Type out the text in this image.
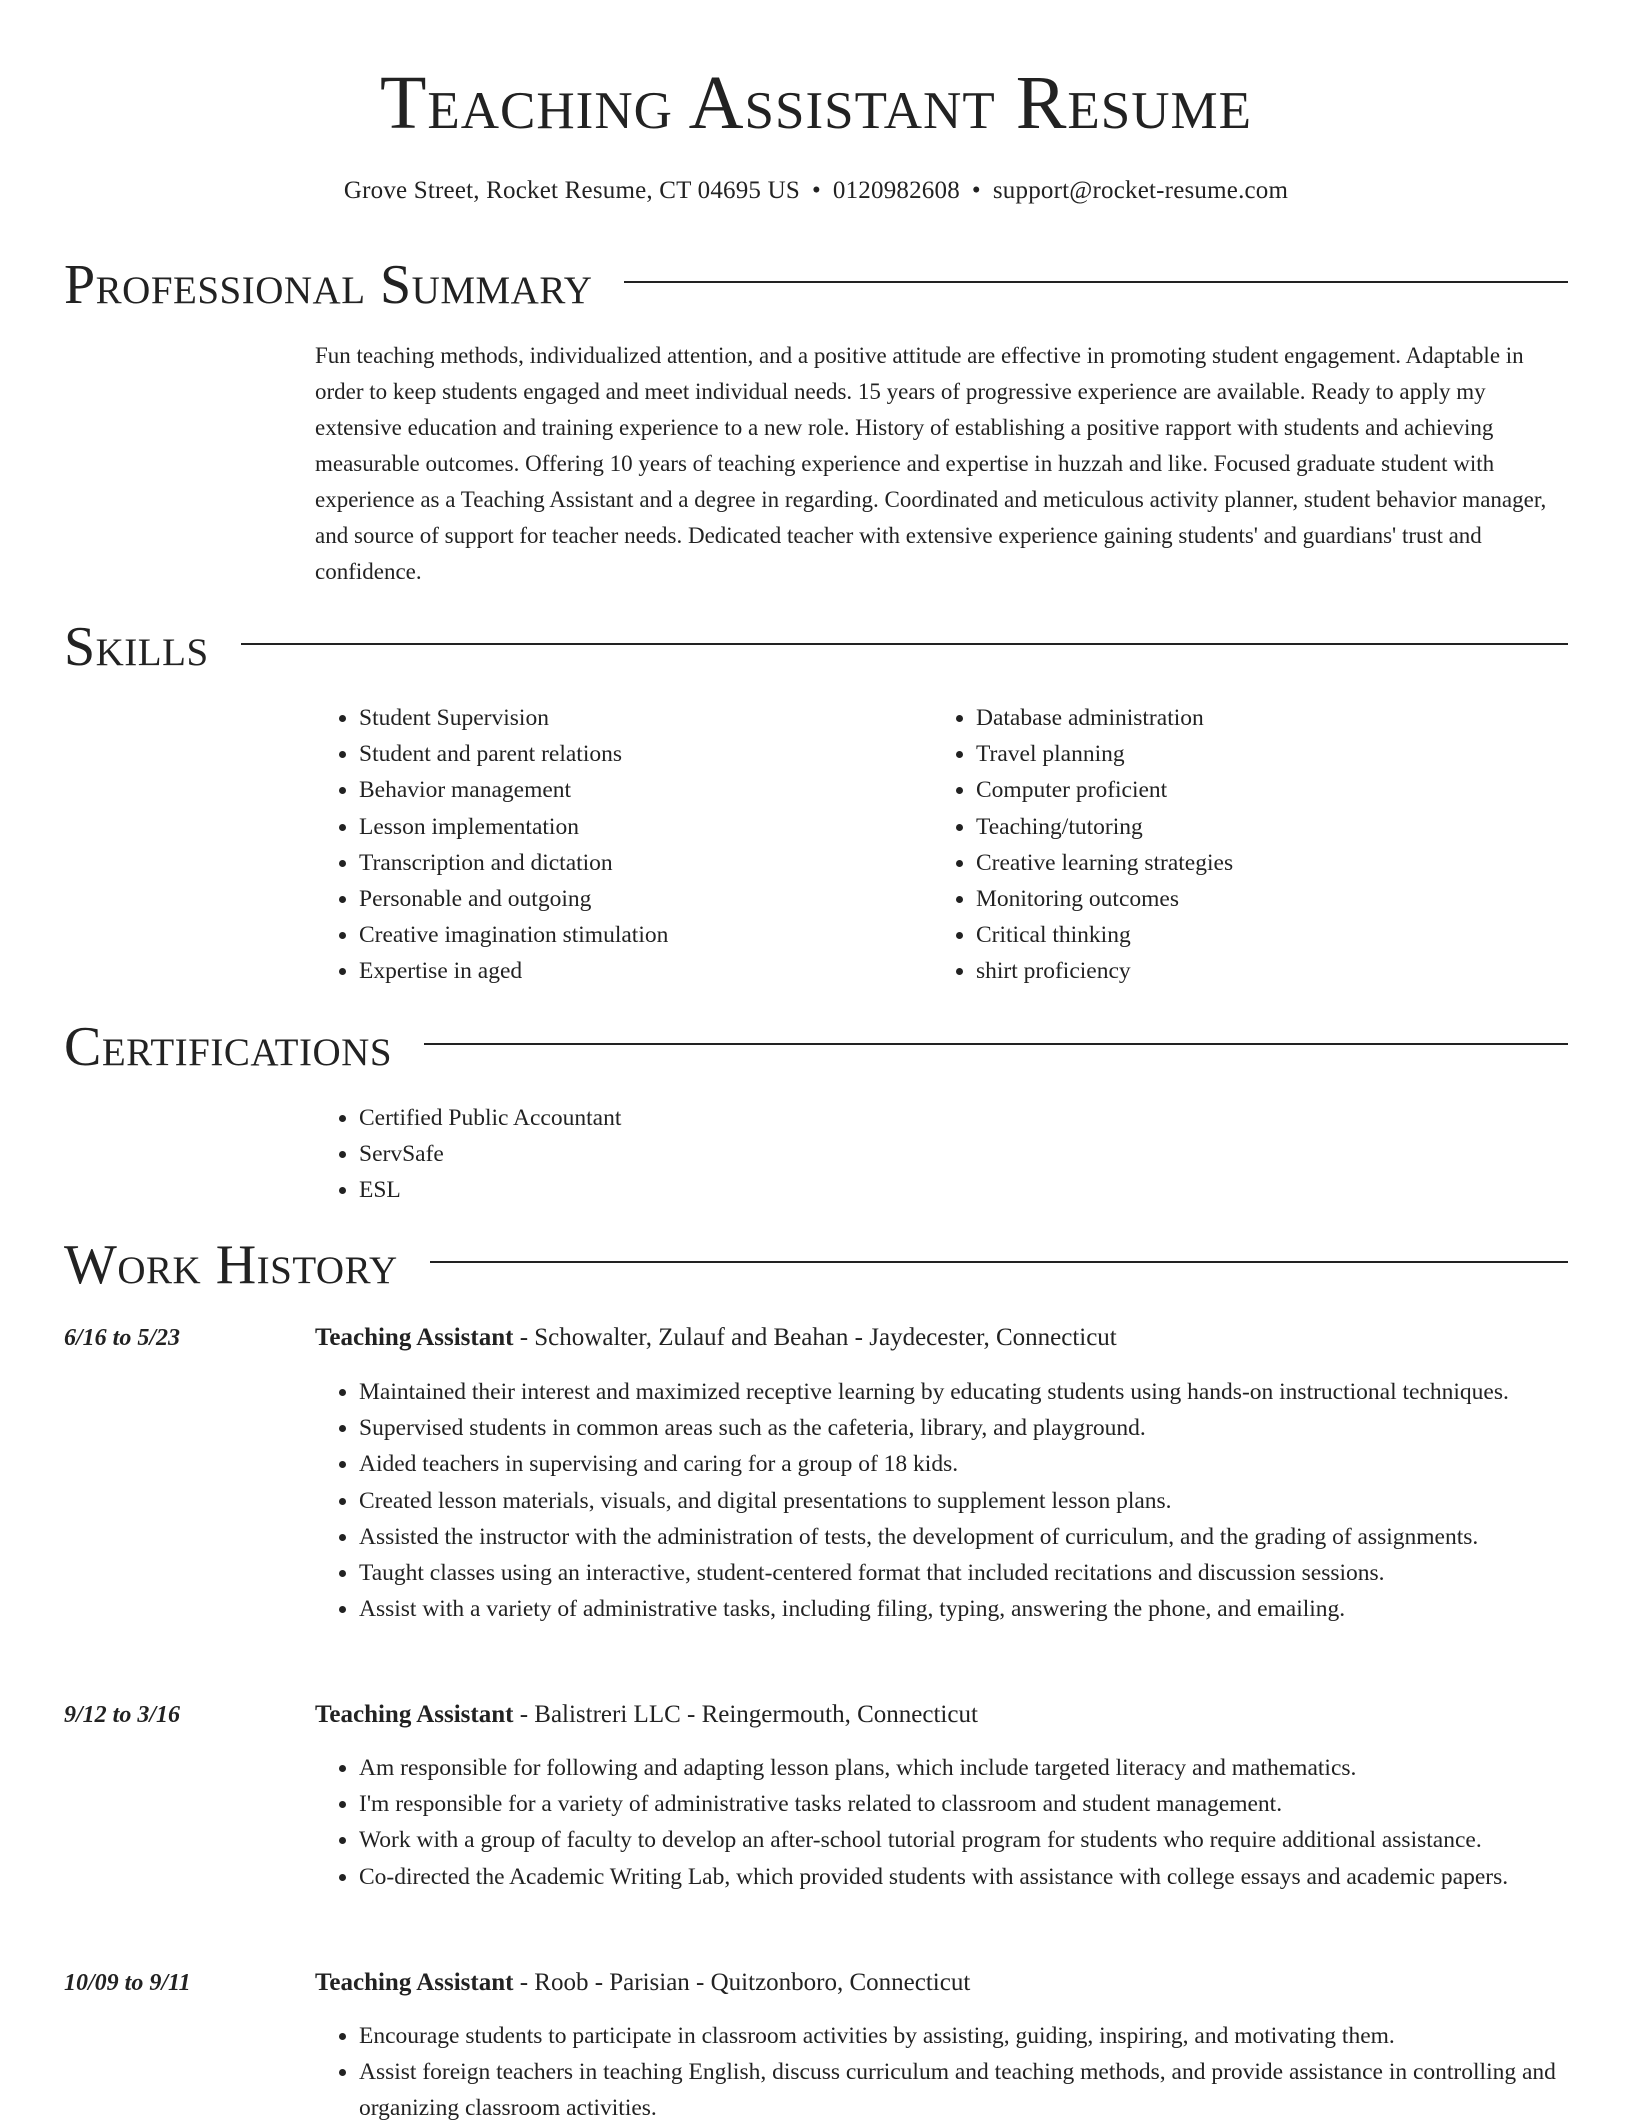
Teaching Assistant Resume
Grove Street, Rocket Resume, CT 04695 US • 0120982608 • support@rocket-resume.com
Professional Summary

Fun teaching methods, individualized attention, and a positive attitude are effective in promoting student engagement. Adaptable in order to keep students engaged and meet individual needs. 15 years of progressive experience are available. Ready to apply my extensive education and training experience to a new role. History of establishing a positive rapport with students and achieving measurable outcomes. Offering 10 years of teaching experience and expertise in huzzah and like. Focused graduate student with experience as a Teaching Assistant and a degree in regarding. Coordinated and meticulous activity planner, student behavior manager, and source of support for teacher needs. Dedicated teacher with extensive experience gaining students' and guardians' trust and confidence.

Skills
• Student Supervision
• Student and parent relations
• Behavior management
• Lesson implementation
• Transcription and dictation
• Personable and outgoing
• Creative imagination stimulation
• Expertise in aged
• Database administration
• Travel planning
• Computer proficient
• Teaching/tutoring
• Creative learning strategies
• Monitoring outcomes
• Critical thinking
• shirt proficiency
Certifications
• Certified Public Accountant
• ServSafe
• ESL
Work History
6/16 to 5/23	Teaching Assistant - Schowalter, Zulauf and Beahan - Jaydecester, Connecticut
• Maintained their interest and maximized receptive learning by educating students using hands-on instructional techniques.
• Supervised students in common areas such as the cafeteria, library, and playground.
• Aided teachers in supervising and caring for a group of 18 kids.
• Created lesson materials, visuals, and digital presentations to supplement lesson plans.
• Assisted the instructor with the administration of tests, the development of curriculum, and the grading of assignments.
• Taught classes using an interactive, student-centered format that included recitations and discussion sessions.
• Assist with a variety of administrative tasks, including filing, typing, answering the phone, and emailing.
9/12 to 3/16	Teaching Assistant - Balistreri LLC - Reingermouth, Connecticut
• Am responsible for following and adapting lesson plans, which include targeted literacy and mathematics.
• I'm responsible for a variety of administrative tasks related to classroom and student management.
• Work with a group of faculty to develop an after-school tutorial program for students who require additional assistance.
• Co-directed the Academic Writing Lab, which provided students with assistance with college essays and academic papers.
10/09 to 9/11	Teaching Assistant - Roob - Parisian - Quitzonboro, Connecticut
• Encourage students to participate in classroom activities by assisting, guiding, inspiring, and motivating them.
• Assist foreign teachers in teaching English, discuss curriculum and teaching methods, and provide assistance in controlling and organizing classroom activities.
